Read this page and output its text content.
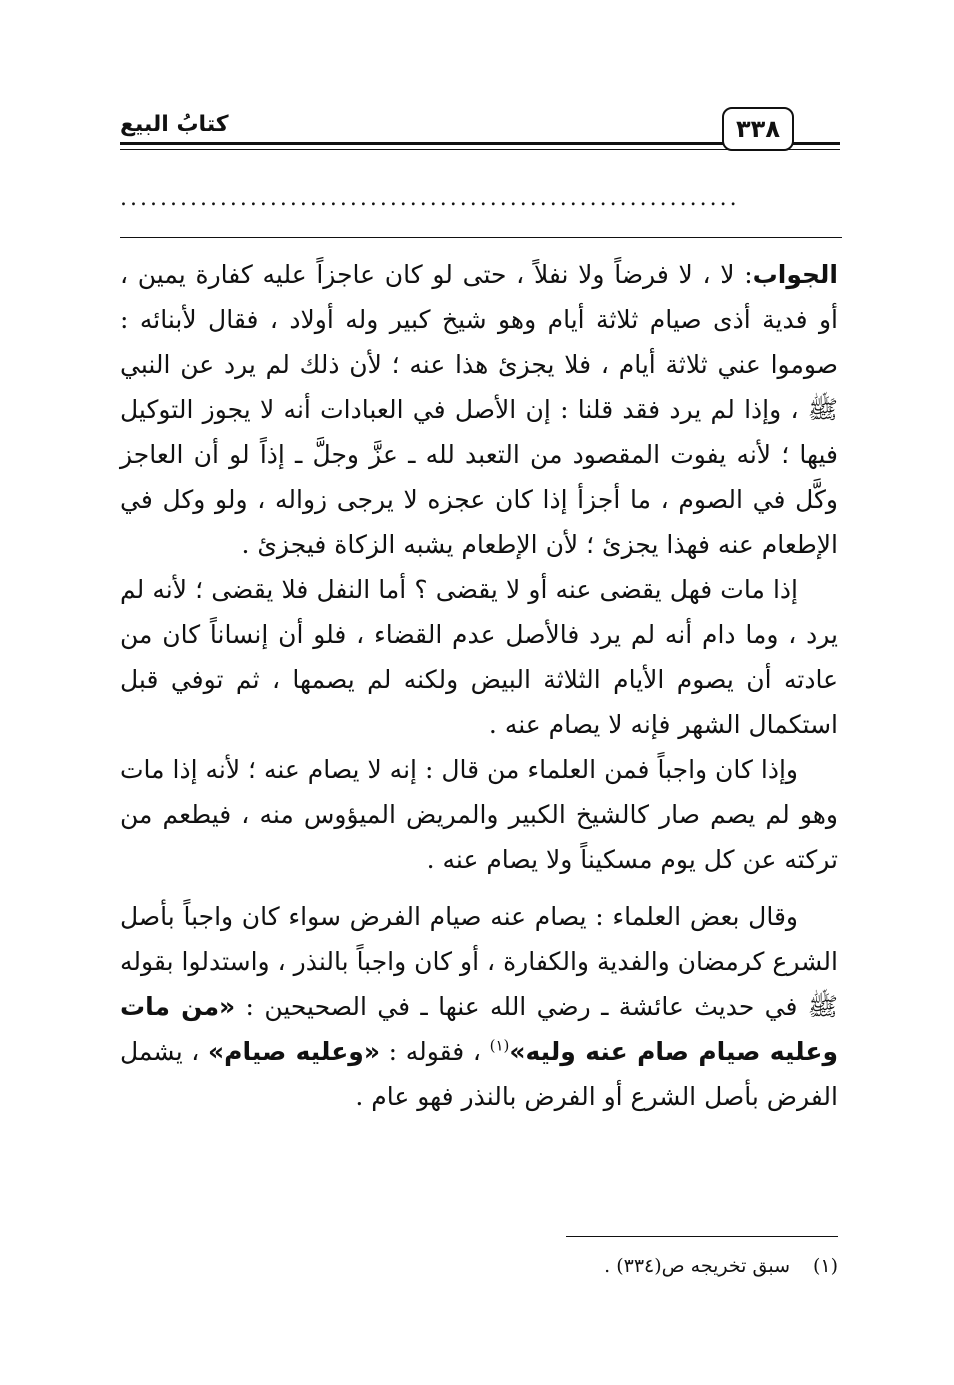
كتابُ البيع	٣٣٨
..............................................................

الجواب: لا ، لا فرضاً ولا نفلاً ، حتى لو كان عاجزاً عليه كفارة يمين ، أو فدية أذى صيام ثلاثة أيام وهو شيخ كبير وله أولاد ، فقال لأبنائه : صوموا عني ثلاثة أيام ، فلا يجزئ هذا عنه ؛ لأن ذلك لم يرد عن النبي ﷺ ، وإذا لم يرد فقد قلنا : إن الأصل في العبادات أنه لا يجوز التوكيل فيها ؛ لأنه يفوت المقصود من التعبد لله ـ عزَّ وجلَّ ـ إذاً لو أن العاجز وكَّل في الصوم ، ما أجزأ إذا كان عجزه لا يرجى زواله ، ولو وكل في الإطعام عنه فهذا يجزئ ؛ لأن الإطعام يشبه الزكاة فيجزئ .

إذا مات فهل يقضى عنه أو لا يقضى ؟ أما النفل فلا يقضى ؛ لأنه لم يرد ، وما دام أنه لم يرد فالأصل عدم القضاء ، فلو أن إنساناً كان من عادته أن يصوم الأيام الثلاثة البيض ولكنه لم يصمها ، ثم توفي قبل استكمال الشهر فإنه لا يصام عنه .

وإذا كان واجباً فمن العلماء من قال : إنه لا يصام عنه ؛ لأنه إذا مات وهو لم يصم صار كالشيخ الكبير والمريض الميؤوس منه ، فيطعم من تركته عن كل يوم مسكيناً ولا يصام عنه .

وقال بعض العلماء : يصام عنه صيام الفرض سواء كان واجباً بأصل الشرع كرمضان والفدية والكفارة ، أو كان واجباً بالنذر ، واستدلوا بقوله ﷺ في حديث عائشة ـ رضي الله عنها ـ في الصحيحين : «من مات وعليه صيام صام عنه وليه»$^{(١)}$ ، فقوله : «وعليه صيام» ، يشمل الفرض بأصل الشرع أو الفرض بالنذر فهو عام .

(١)سبق تخريجه ص(٣٣٤) .
